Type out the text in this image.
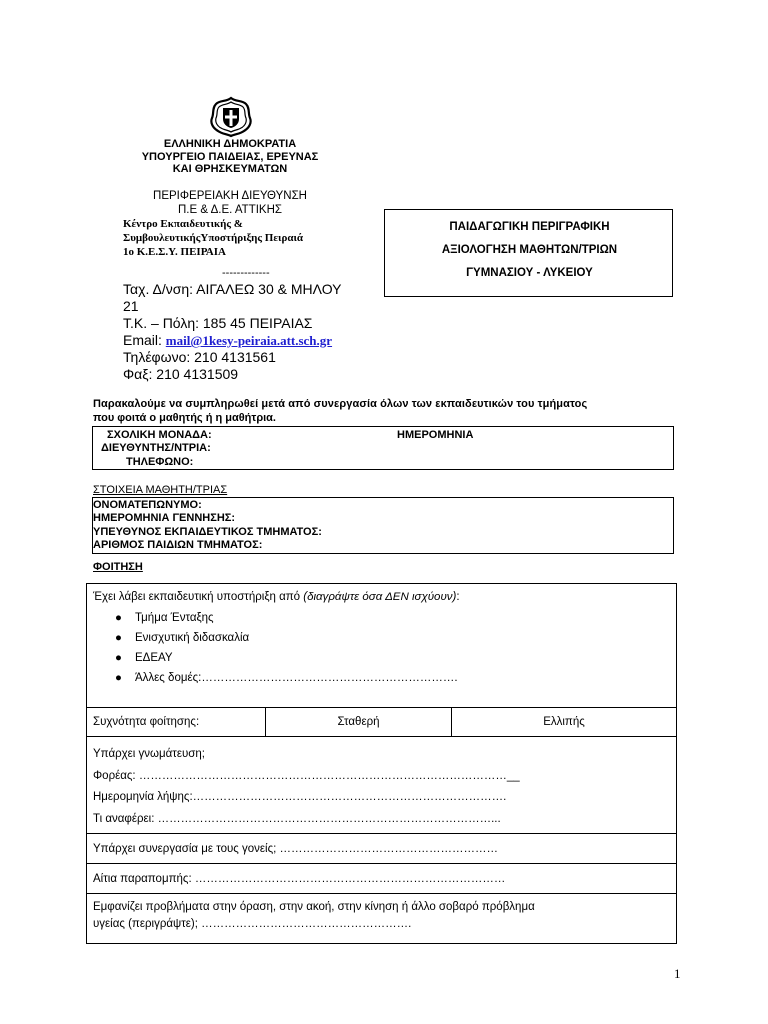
ΕΛΛΗΝΙΚΗ ΔΗΜΟΚΡΑΤΙΑ
ΥΠΟΥΡΓΕΙΟ ΠΑΙΔΕΙΑΣ, ΕΡΕΥΝΑΣ
ΚΑΙ ΘΡΗΣΚΕΥΜΑΤΩΝ
ΠΕΡΙΦΕΡΕΙΑΚΗ ΔΙΕΥΘΥΝΣΗ
Π.Ε & Δ.Ε. ΑΤΤΙΚΗΣ
Κέντρο Εκπαιδευτικής &
ΣυμβουλευτικήςΥποστήριξης Πειραιά
1ο Κ.Ε.Σ.Υ. ΠΕΙΡΑΙΑ
-------------
Ταχ. Δ/νση: ΑΙΓΑΛΕΩ 30 & ΜΗΛΟΥ
21
Τ.Κ. – Πόλη: 185 45 ΠΕΙΡΑΙΑΣ
Email: mail@1kesy-peiraia.att.sch.gr
Τηλέφωνο: 210 4131561
Φαξ: 210 4131509
ΠΑΙΔΑΓΩΓΙΚΗ ΠΕΡΙΓΡΑΦΙΚΗ
ΑΞΙΟΛΟΓΗΣΗ ΜΑΘΗΤΩΝ/ΤΡΙΩΝ
ΓΥΜΝΑΣΙΟΥ - ΛΥΚΕΙΟΥ
Παρακαλούμε να συμπληρωθεί μετά από συνεργασία όλων των εκπαιδευτικών του τμήματος
που φοιτά ο μαθητής ή η μαθήτρια.
ΣΧΟΛΙΚΗ ΜΟΝΑΔΑ:	ΗΜΕΡΟΜΗΝΙΑ
ΔΙΕΥΘΥΝΤΗΣ/ΝΤΡΙΑ:
ΤΗΛΕΦΩΝΟ:
ΣΤΟΙΧΕΙΑ ΜΑΘΗΤΗ/ΤΡΙΑΣ
ΟΝΟΜΑΤΕΠΩΝΥΜΟ:
ΗΜΕΡΟΜΗΝΙΑ ΓΕΝΝΗΣΗΣ:
ΥΠΕΥΘΥΝΟΣ ΕΚΠΑΙΔΕΥΤΙΚΟΣ ΤΜΗΜΑΤΟΣ:
ΑΡΙΘΜΟΣ ΠΑΙΔΙΩΝ ΤΜΗΜΑΤΟΣ:
ΦΟΙΤΗΣΗ
Έχει λάβει εκπαιδευτική υποστήριξη από (διαγράψτε όσα ΔΕΝ ισχύουν):
● Τμήμα Ένταξης
● Ενισχυτική διδασκαλία
● ΕΔΕΑΥ
● Άλλες δομές:………………………………………………………….

Συχνότητα φοίτησης:	Σταθερή	Ελλιπής

Υπάρχει γνωμάτευση;
Φορέας: ……………………………………………………………………………………__
Ημερομηνία λήψης:……………………………………………………………………….
Τι αναφέρει: ……………………………………………………………………………...

Υπάρχει συνεργασία με τους γονείς; …………………………………………………
Αίτια παραπομπής: ………………………………………………………………………

Εμφανίζει προβλήματα στην όραση, στην ακοή, στην κίνηση ή άλλο σοβαρό πρόβλημα
υγείας (περιγράψτε); ……………………………………………….
1
